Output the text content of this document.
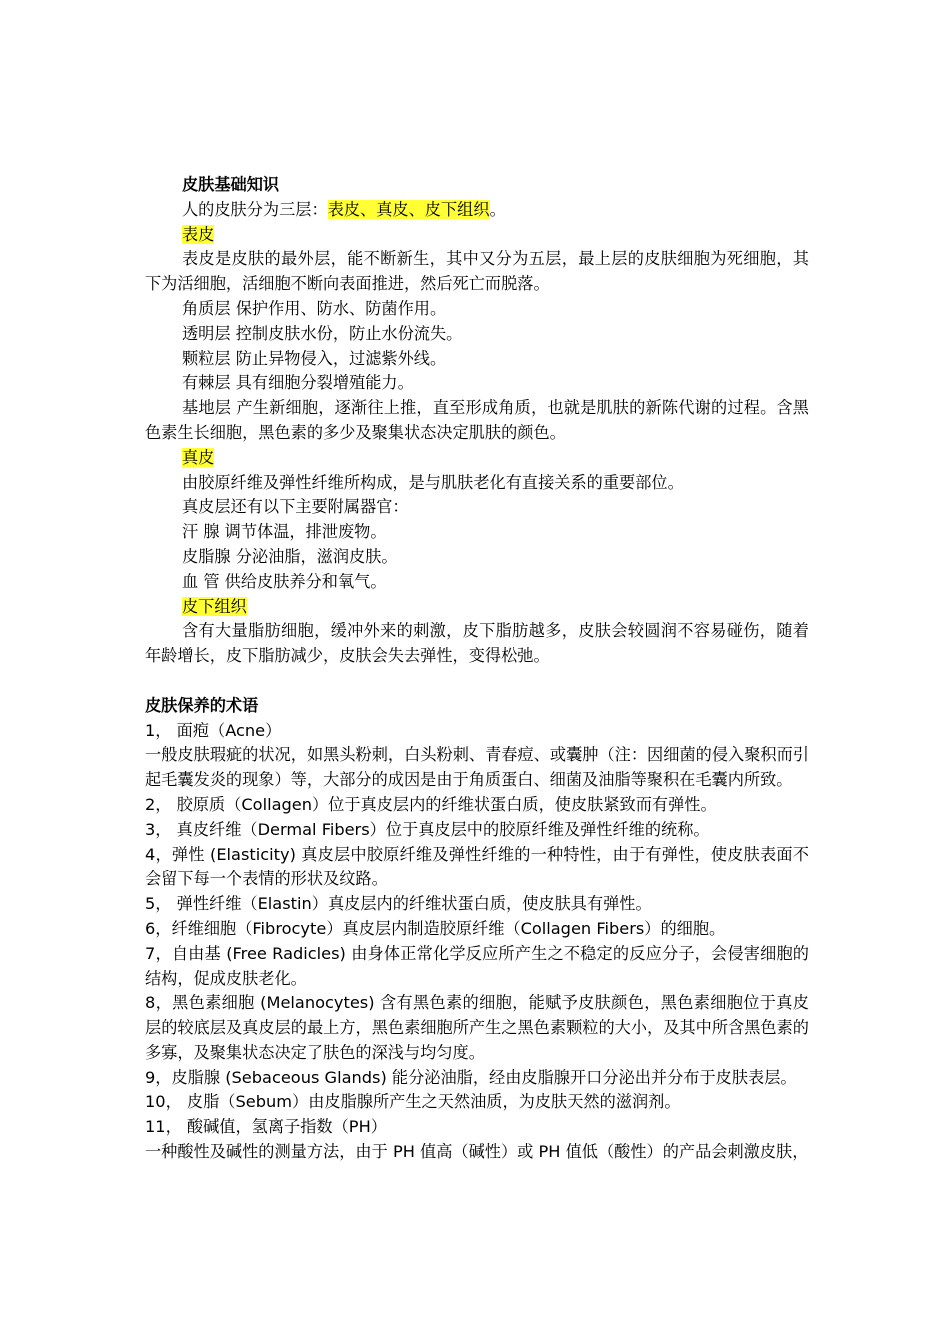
皮肤基础知识

人的皮肤分为三层：表皮、真皮、皮下组织。

表皮

表皮是皮肤的最外层，能不断新生，其中又分为五层，最上层的皮肤细胞为死细胞，其下为活细胞，活细胞不断向表面推进，然后死亡而脱落。

角质层 保护作用、防水、防菌作用。

透明层 控制皮肤水份，防止水份流失。

颗粒层 防止异物侵入，过滤紫外线。

有棘层 具有细胞分裂增殖能力。

基地层 产生新细胞，逐渐往上推，直至形成角质，也就是肌肤的新陈代谢的过程。含黑色素生长细胞，黑色素的多少及聚集状态决定肌肤的颜色。

真皮

由胶原纤维及弹性纤维所构成，是与肌肤老化有直接关系的重要部位。

真皮层还有以下主要附属器官：

汗 腺 调节体温，排泄废物。

皮脂腺 分泌油脂，滋润皮肤。

血 管 供给皮肤养分和氧气。

皮下组织

含有大量脂肪细胞，缓冲外来的刺激，皮下脂肪越多，皮肤会较圆润不容易碰伤，随着年龄增长，皮下脂肪减少，皮肤会失去弹性，变得松弛。

皮肤保养的术语

1， 面疱（Acne）

一般皮肤瑕疵的状况，如黑头粉刺，白头粉刺、青春痘、或囊肿（注：因细菌的侵入聚积而引起毛囊发炎的现象）等，大部分的成因是由于角质蛋白、细菌及油脂等聚积在毛囊内所致。

2， 胶原质（Collagen）位于真皮层内的纤维状蛋白质，使皮肤紧致而有弹性。

3， 真皮纤维（Dermal Fibers）位于真皮层中的胶原纤维及弹性纤维的统称。

4，弹性 (Elasticity) 真皮层中胶原纤维及弹性纤维的一种特性，由于有弹性，使皮肤表面不会留下每一个表情的形状及纹路。

5， 弹性纤维（Elastin）真皮层内的纤维状蛋白质，使皮肤具有弹性。

6，纤维细胞（Fibrocyte）真皮层内制造胶原纤维（Collagen Fibers）的细胞。

7，自由基 (Free Radicles) 由身体正常化学反应所产生之不稳定的反应分子，会侵害细胞的结构，促成皮肤老化。

8，黑色素细胞 (Melanocytes) 含有黑色素的细胞，能赋予皮肤颜色，黑色素细胞位于真皮层的较底层及真皮层的最上方，黑色素细胞所产生之黑色素颗粒的大小，及其中所含黑色素的多寡，及聚集状态决定了肤色的深浅与均匀度。

9，皮脂腺 (Sebaceous Glands) 能分泌油脂，经由皮脂腺开口分泌出并分布于皮肤表层。

10， 皮脂（Sebum）由皮脂腺所产生之天然油质，为皮肤天然的滋润剂。

11， 酸碱值，氢离子指数（PH）

一种酸性及碱性的测量方法，由于 PH 值高（碱性）或 PH 值低（酸性）的产品会刺激皮肤，
